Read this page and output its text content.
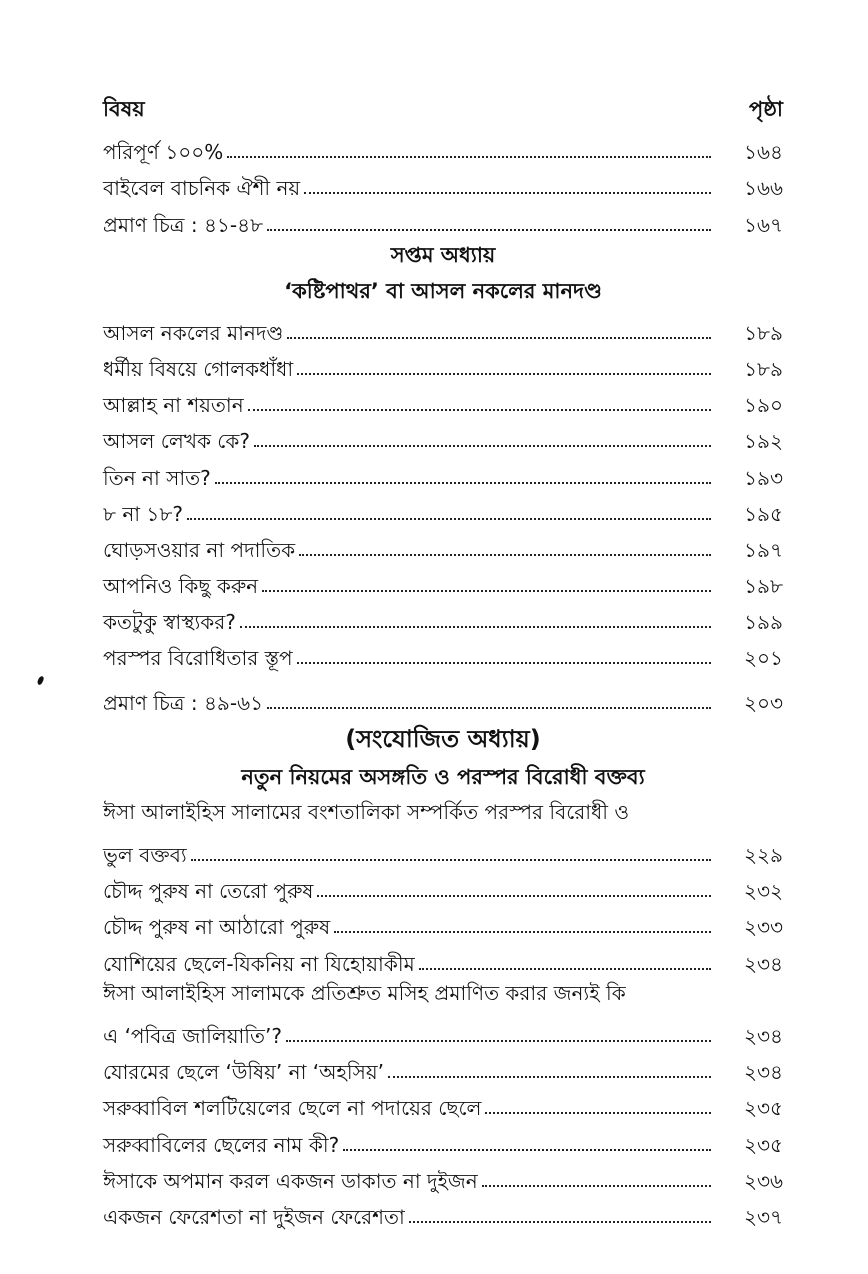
বিষয়	পৃষ্ঠা
পরিপূর্ণ ১০০%	১৬৪
বাইবেল বাচনিক ঐশী নয়	১৬৬
প্রমাণ চিত্র : ৪১-৪৮	১৬৭
সপ্তম অধ্যায়
‘কষ্টিপাথর’ বা আসল নকলের মানদণ্ড
আসল নকলের মানদণ্ড	১৮৯
ধর্মীয় বিষয়ে গোলকধাঁধা	১৮৯
আল্লাহ না শয়তান	১৯০
আসল লেখক কে?	১৯২
তিন না সাত?	১৯৩
৮ না ১৮?	১৯৫
ঘোড়সওয়ার না পদাতিক	১৯৭
আপনিও কিছু করুন	১৯৮
কতটুকু স্বাস্থ্যকর?	১৯৯
পরস্পর বিরোধিতার স্তূপ	২০১
প্রমাণ চিত্র : ৪৯-৬১	২০৩
(সংযোজিত অধ্যায়)
নতুন নিয়মের অসঙ্গতি ও পরস্পর বিরোধী বক্তব্য
ঈসা আলাইহিস সালামের বংশতালিকা সম্পর্কিত পরস্পর বিরোধী ও
ভুল বক্তব্য	২২৯
চৌদ্দ পুরুষ না তেরো পুরুষ	২৩২
চৌদ্দ পুরুষ না আঠারো পুরুষ	২৩৩
যোশিয়ের ছেলে-যিকনিয় না যিহোয়াকীম	২৩৪
ঈসা আলাইহিস সালামকে প্রতিশ্রুত মসিহ প্রমাণিত করার জন্যই কি
এ ‘পবিত্র জালিয়াতি’?	২৩৪
যোরমের ছেলে ‘উষিয়’ না ‘অহসিয়’	২৩৪
সরুব্বাবিল শলটিয়েলের ছেলে না পদায়ের ছেলে	২৩৫
সরুব্বাবিলের ছেলের নাম কী?	২৩৫
ঈসাকে অপমান করল একজন ডাকাত না দুইজন	২৩৬
একজন ফেরেশতা না দুইজন ফেরেশতা	২৩৭
